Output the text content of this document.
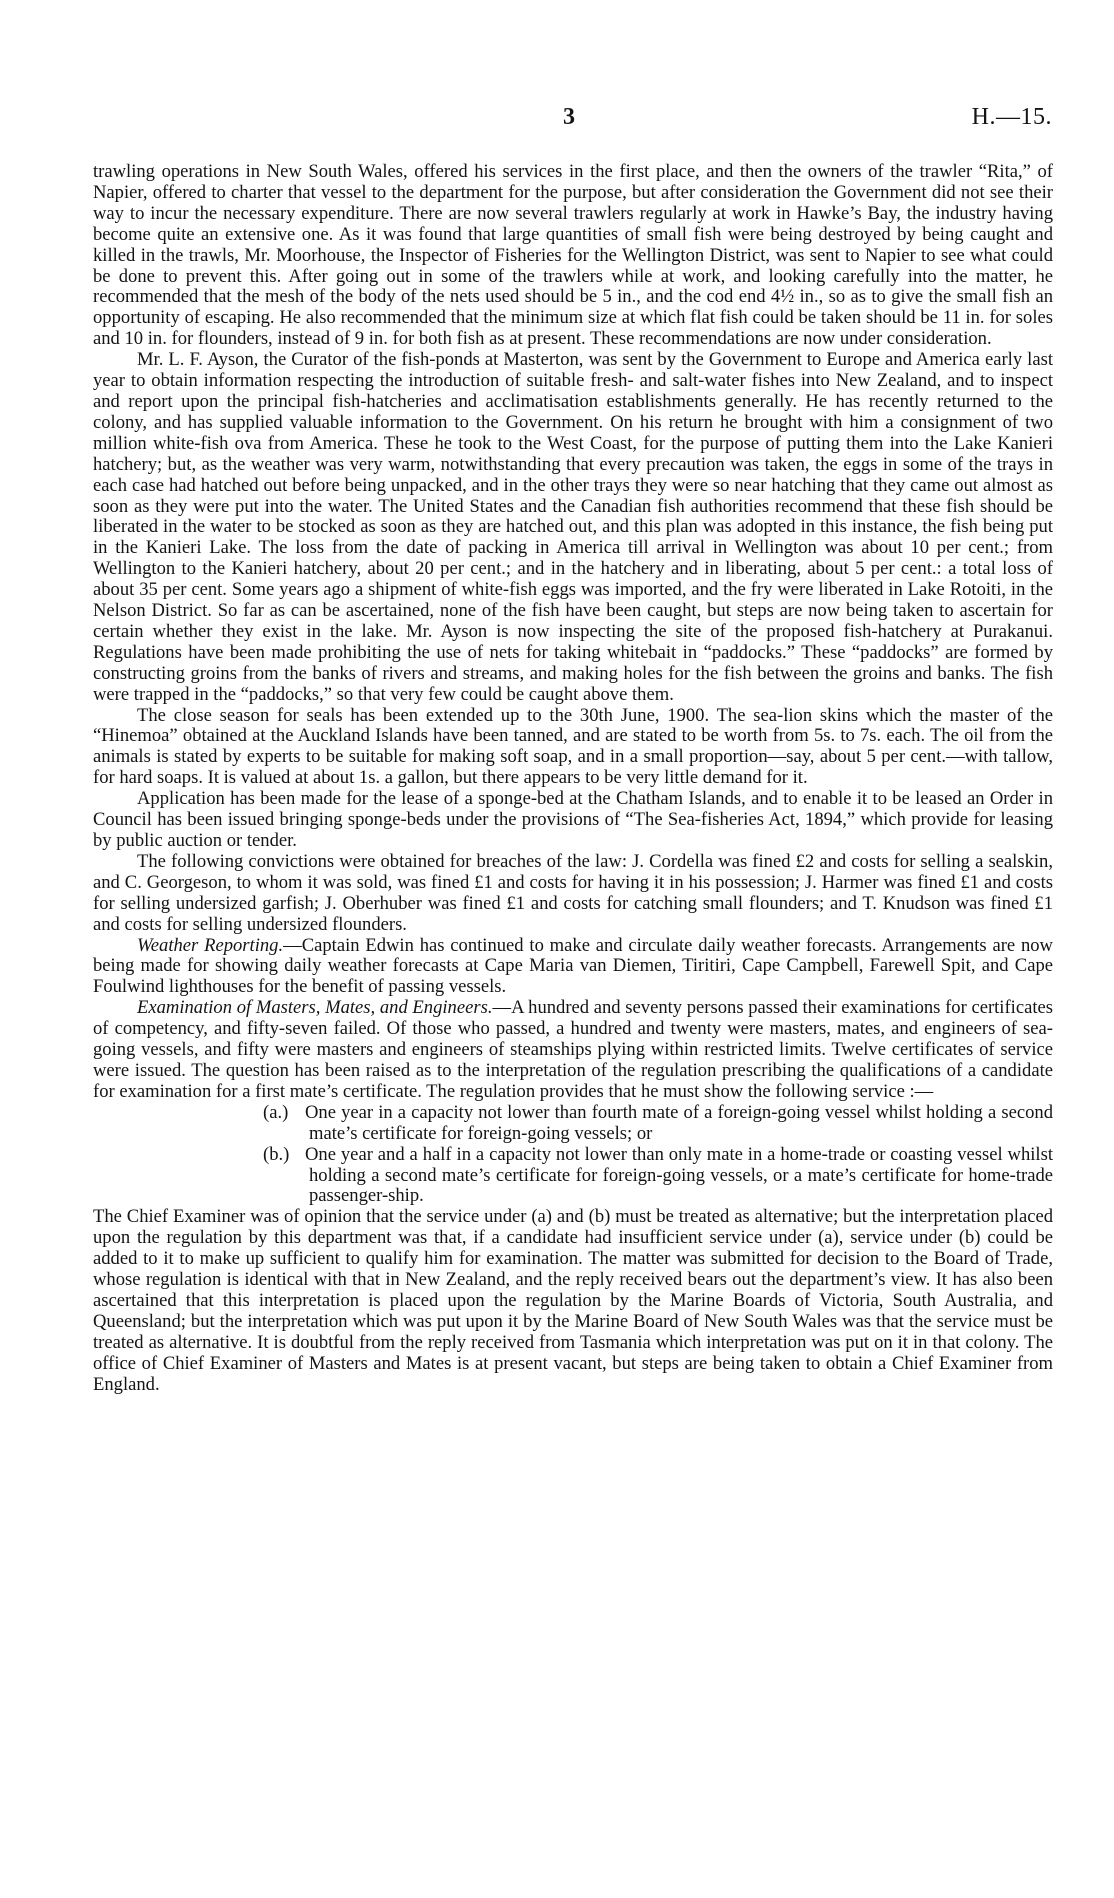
3	H.—15.

trawling operations in New South Wales, offered his services in the first place, and then the owners of the trawler “Rita,” of Napier, offered to charter that vessel to the department for the purpose, but after consideration the Government did not see their way to incur the necessary expenditure. There are now several trawlers regularly at work in Hawke’s Bay, the industry having become quite an extensive one. As it was found that large quantities of small fish were being destroyed by being caught and killed in the trawls, Mr. Moorhouse, the Inspector of Fisheries for the Wellington District, was sent to Napier to see what could be done to prevent this. After going out in some of the trawlers while at work, and looking carefully into the matter, he recommended that the mesh of the body of the nets used should be 5 in., and the cod end 4½ in., so as to give the small fish an opportunity of escaping. He also recommended that the minimum size at which flat fish could be taken should be 11 in. for soles and 10 in. for flounders, instead of 9 in. for both fish as at present. These recommendations are now under consideration.

Mr. L. F. Ayson, the Curator of the fish-ponds at Masterton, was sent by the Government to Europe and America early last year to obtain information respecting the introduction of suitable fresh- and salt-water fishes into New Zealand, and to inspect and report upon the principal fish-hatcheries and acclimatisation establishments generally. He has recently returned to the colony, and has supplied valuable information to the Government. On his return he brought with him a consignment of two million white-fish ova from America. These he took to the West Coast, for the purpose of putting them into the Lake Kanieri hatchery; but, as the weather was very warm, notwithstanding that every precaution was taken, the eggs in some of the trays in each case had hatched out before being unpacked, and in the other trays they were so near hatching that they came out almost as soon as they were put into the water. The United States and the Canadian fish authorities recommend that these fish should be liberated in the water to be stocked as soon as they are hatched out, and this plan was adopted in this instance, the fish being put in the Kanieri Lake. The loss from the date of packing in America till arrival in Wellington was about 10 per cent.; from Wellington to the Kanieri hatchery, about 20 per cent.; and in the hatchery and in liberating, about 5 per cent.: a total loss of about 35 per cent. Some years ago a shipment of white-fish eggs was imported, and the fry were liberated in Lake Rotoiti, in the Nelson District. So far as can be ascertained, none of the fish have been caught, but steps are now being taken to ascertain for certain whether they exist in the lake. Mr. Ayson is now inspecting the site of the proposed fish-hatchery at Purakanui. Regulations have been made prohibiting the use of nets for taking whitebait in “paddocks.” These “paddocks” are formed by constructing groins from the banks of rivers and streams, and making holes for the fish between the groins and banks. The fish were trapped in the “paddocks,” so that very few could be caught above them.

The close season for seals has been extended up to the 30th June, 1900. The sea-lion skins which the master of the “Hinemoa” obtained at the Auckland Islands have been tanned, and are stated to be worth from 5s. to 7s. each. The oil from the animals is stated by experts to be suitable for making soft soap, and in a small proportion—say, about 5 per cent.—with tallow, for hard soaps. It is valued at about 1s. a gallon, but there appears to be very little demand for it.

Application has been made for the lease of a sponge-bed at the Chatham Islands, and to enable it to be leased an Order in Council has been issued bringing sponge-beds under the provisions of “The Sea-fisheries Act, 1894,” which provide for leasing by public auction or tender.

The following convictions were obtained for breaches of the law: J. Cordella was fined £2 and costs for selling a sealskin, and C. Georgeson, to whom it was sold, was fined £1 and costs for having it in his possession; J. Harmer was fined £1 and costs for selling undersized garfish; J. Oberhuber was fined £1 and costs for catching small flounders; and T. Knudson was fined £1 and costs for selling undersized flounders.

Weather Reporting.—Captain Edwin has continued to make and circulate daily weather forecasts. Arrangements are now being made for showing daily weather forecasts at Cape Maria van Diemen, Tiritiri, Cape Campbell, Farewell Spit, and Cape Foulwind lighthouses for the benefit of passing vessels.

Examination of Masters, Mates, and Engineers.—A hundred and seventy persons passed their examinations for certificates of competency, and fifty-seven failed. Of those who passed, a hundred and twenty were masters, mates, and engineers of sea-going vessels, and fifty were masters and engineers of steamships plying within restricted limits. Twelve certificates of service were issued. The question has been raised as to the interpretation of the regulation prescribing the qualifications of a candidate for examination for a first mate’s certificate. The regulation provides that he must show the following service :—

(a.) One year in a capacity not lower than fourth mate of a foreign-going vessel whilst holding a second mate’s certificate for foreign-going vessels; or
(b.) One year and a half in a capacity not lower than only mate in a home-trade or coasting vessel whilst holding a second mate’s certificate for foreign-going vessels, or a mate’s certificate for home-trade passenger-ship.

The Chief Examiner was of opinion that the service under (a) and (b) must be treated as alternative; but the interpretation placed upon the regulation by this department was that, if a candidate had insufficient service under (a), service under (b) could be added to it to make up sufficient to qualify him for examination. The matter was submitted for decision to the Board of Trade, whose regulation is identical with that in New Zealand, and the reply received bears out the department’s view. It has also been ascertained that this interpretation is placed upon the regulation by the Marine Boards of Victoria, South Australia, and Queensland; but the interpretation which was put upon it by the Marine Board of New South Wales was that the service must be treated as alternative. It is doubtful from the reply received from Tasmania which interpretation was put on it in that colony. The office of Chief Examiner of Masters and Mates is at present vacant, but steps are being taken to obtain a Chief Examiner from England.
